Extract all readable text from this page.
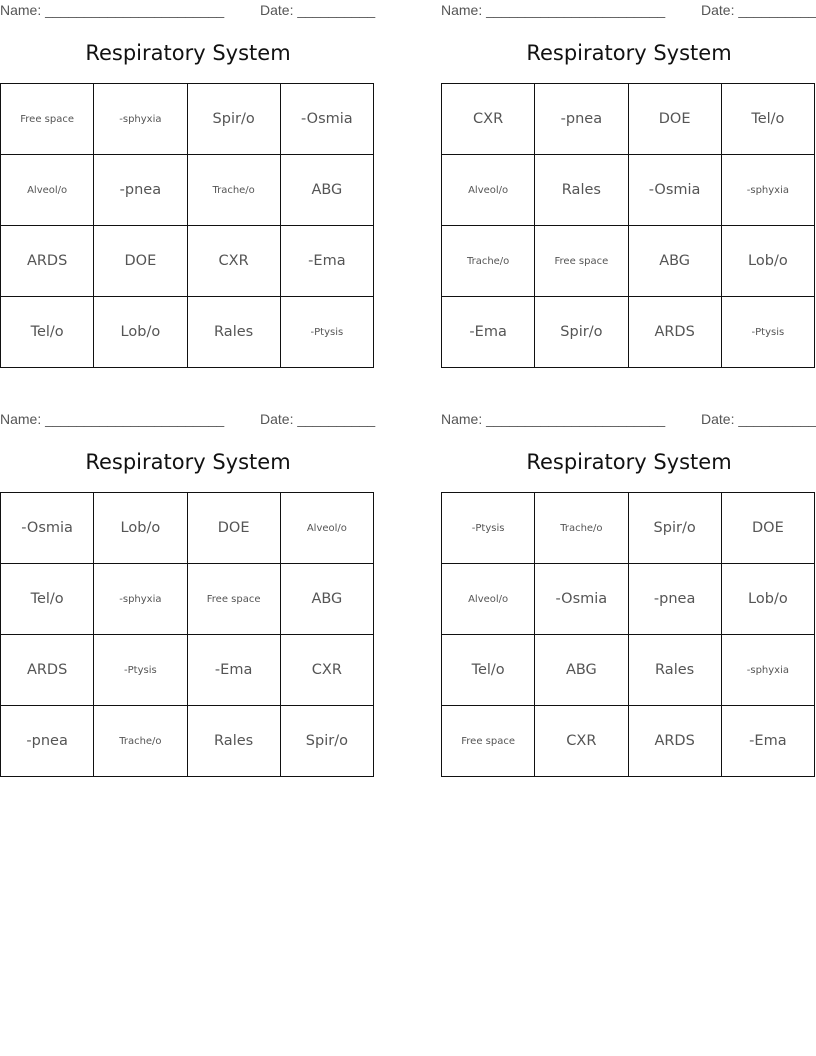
Name: _______________________	Date: __________
Respiratory System
Free space	-sphyxia	Spir/o	-Osmia
Alveol/o	-pnea	Trache/o	ABG
ARDS	DOE	CXR	-Ema
Tel/o	Lob/o	Rales	-Ptysis
Name: _______________________	Date: __________
Respiratory System
CXR	-pnea	DOE	Tel/o
Alveol/o	Rales	-Osmia	-sphyxia
Trache/o	Free space	ABG	Lob/o
-Ema	Spir/o	ARDS	-Ptysis
Name: _______________________	Date: __________
Respiratory System
-Osmia	Lob/o	DOE	Alveol/o
Tel/o	-sphyxia	Free space	ABG
ARDS	-Ptysis	-Ema	CXR
-pnea	Trache/o	Rales	Spir/o
Name: _______________________	Date: __________
Respiratory System
-Ptysis	Trache/o	Spir/o	DOE
Alveol/o	-Osmia	-pnea	Lob/o
Tel/o	ABG	Rales	-sphyxia
Free space	CXR	ARDS	-Ema
